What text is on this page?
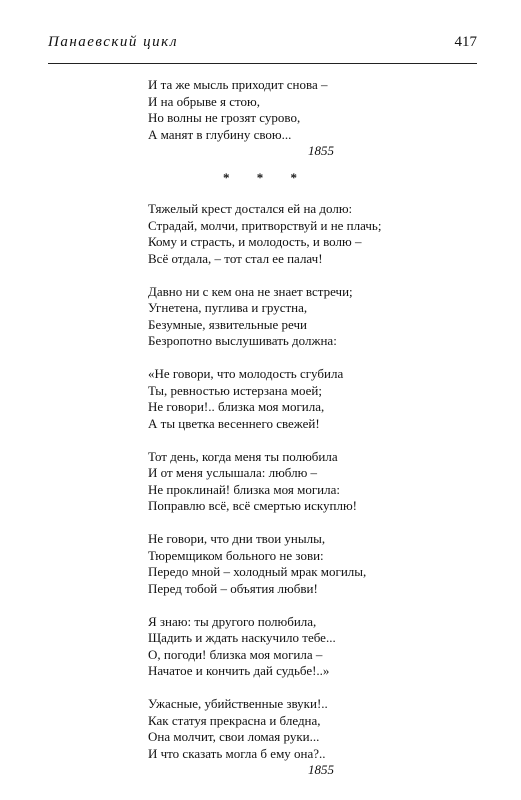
Панаевский цикл	417
И та же мысль приходит снова –
И на обрыве я стою,
Но волны не грозят сурово,
А манят в глубину свою...
1855
* * *
Тяжелый крест достался ей на долю:
Страдай, молчи, притворствуй и не плачь;
Кому и страсть, и молодость, и волю –
Всё отдала, – тот стал ее палач!
Давно ни с кем она не знает встречи;
Угнетена, пуглива и грустна,
Безумные, язвительные речи
Безропотно выслушивать должна:
«Не говори, что молодость сгубила
Ты, ревностью истерзана моей;
Не говори!.. близка моя могила,
А ты цветка весеннего свежей!
Тот день, когда меня ты полюбила
И от меня услышала: люблю –
Не проклинай! близка моя могила:
Поправлю всё, всё смертью искуплю!
Не говори, что дни твои унылы,
Тюремщиком больного не зови:
Передо мной – холодный мрак могилы,
Перед тобой – объятия любви!
Я знаю: ты другого полюбила,
Щадить и ждать наскучило тебе...
О, погоди! близка моя могила –
Начатое и кончить дай судьбе!..»
Ужасные, убийственные звуки!..
Как статуя прекрасна и бледна,
Она молчит, свои ломая руки...
И что сказать могла б ему она?..
1855
